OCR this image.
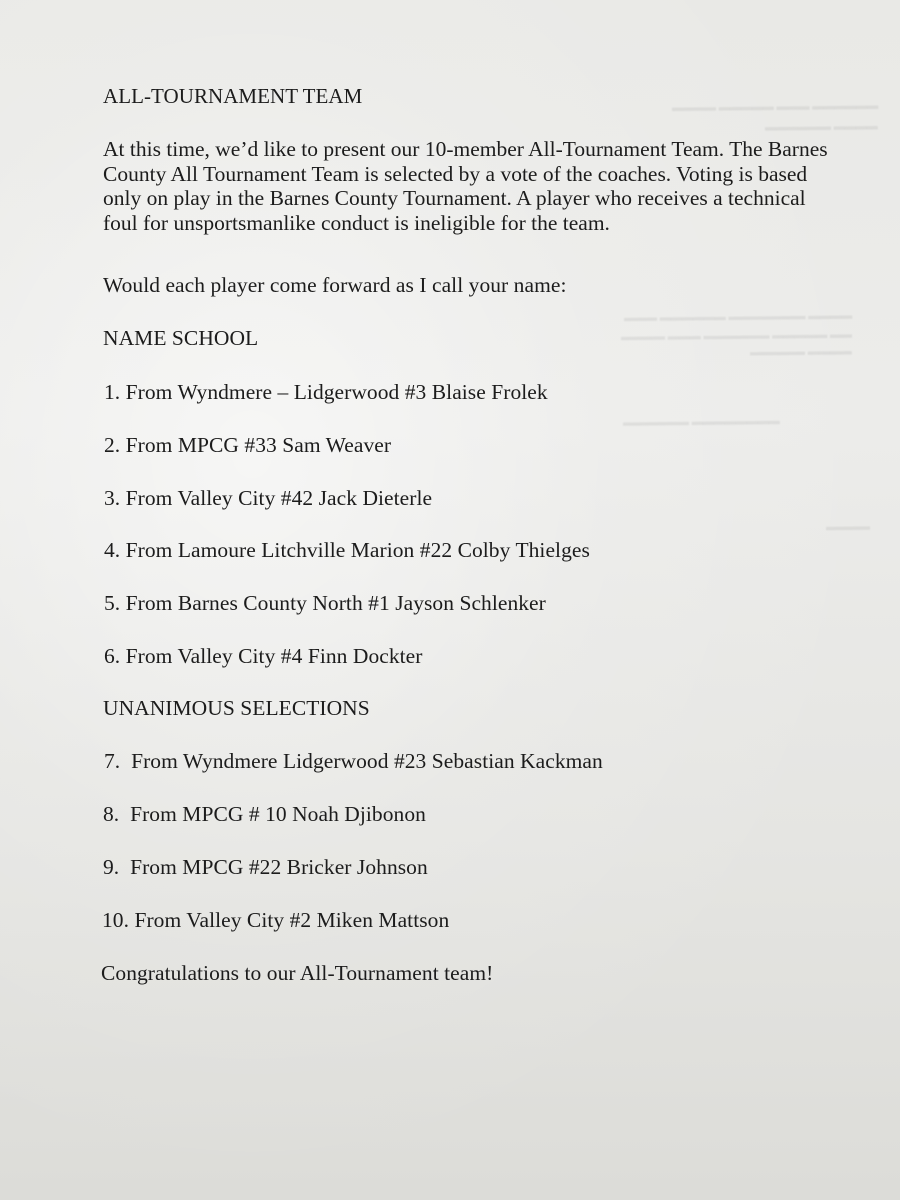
▬▬▬▬ ▬▬▬▬▬ ▬▬▬ ▬▬▬▬▬▬
▬▬▬▬▬▬ ▬▬▬▬
▬▬▬ ▬▬▬▬▬▬ ▬▬▬▬▬▬▬ ▬▬▬▬
▬▬▬▬ ▬▬▬ ▬▬▬▬▬▬ ▬▬▬▬▬ ▬▬
▬▬▬▬▬ ▬▬▬▬
▬▬▬▬▬▬ ▬▬▬▬▬▬▬▬
▬▬▬▬
ALL-TOURNAMENT TEAM

At this time, we’d like to present our 10-member All-Tournament Team. The Barnes
County All Tournament Team is selected by a vote of the coaches. Voting is based
only on play in the Barnes County Tournament. A player who receives a technical
foul for unsportsmanlike conduct is ineligible for the team.

Would each player come forward as I call your name:

NAME SCHOOL

1. From Wyndmere – Lidgerwood #3 Blaise Frolek

2. From MPCG #33 Sam Weaver

3. From Valley City #42 Jack Dieterle

4. From Lamoure Litchville Marion #22 Colby Thielges

5. From Barnes County North #1 Jayson Schlenker

6. From Valley City #4 Finn Dockter

UNANIMOUS SELECTIONS

7.  From Wyndmere Lidgerwood #23 Sebastian Kackman

8.  From MPCG # 10 Noah Djibonon

9.  From MPCG #22 Bricker Johnson

10. From Valley City #2 Miken Mattson

Congratulations to our All-Tournament team!
